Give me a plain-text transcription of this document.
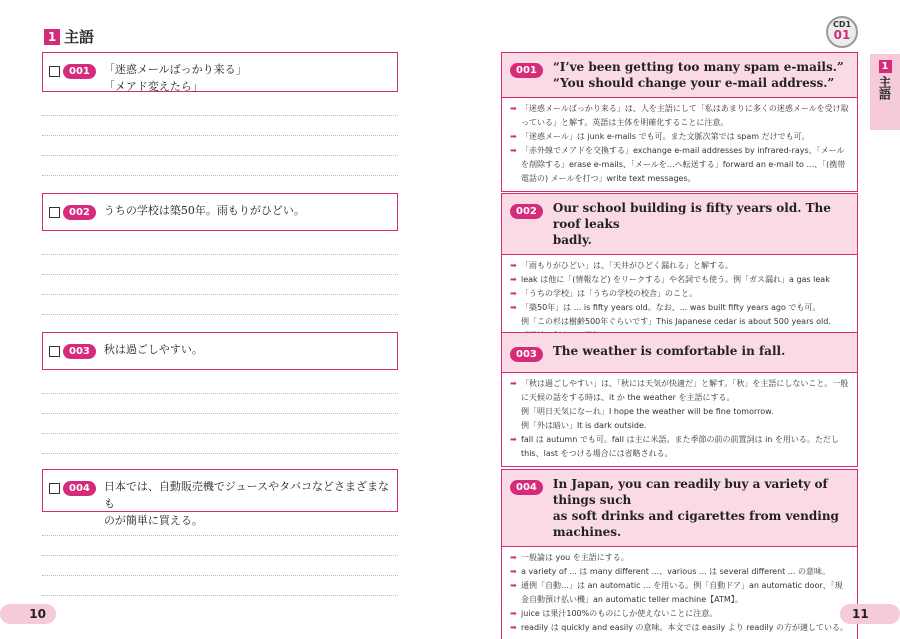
1 主語
CD1
01
1
主語
001	「迷惑メールばっかり来る」
「メアド変えたら」
002	うちの学校は築50年。雨もりがひどい。
003	秋は過ごしやすい。
004	日本では、自動販売機でジュースやタバコなどさまざまなも
のが簡単に買える。
001	“I’ve been getting too many spam e-mails.”
“You should change your e-mail address.”
➡ 「迷惑メールばっかり来る」は、人を主語にして「私はあまりに多くの迷惑メールを受け取っている」と解す。英語は主体を明確化することに注意。
➡ 「迷惑メール」は junk e-mails でも可。また文脈次第では spam だけでも可。
➡ 「赤外線でメアドを交換する」exchange e-mail addresses by infrared-rays、「メールを削除する」erase e-mails、「メールを…へ転送する」forward an e-mail to ...、「(携帯電話の) メールを打つ」write text messages。
002	Our school building is fifty years old. The roof leaks
badly.
➡ 「雨もりがひどい」は、「天井がひどく漏れる」と解する。
➡ leak は他に「(情報など) をリークする」や名詞でも使う。例「ガス漏れ」a gas leak
➡ 「うちの学校」は「うちの学校の校舎」のこと。
➡ 「築50年」は ... is fifty years old。なお、... was built fifty years ago でも可。
例「この杉は樹齢500年ぐらいです」This Japanese cedar is about 500 years old.
003	The weather is comfortable in fall.
➡ 「秋は過ごしやすい」は、「秋には天気が快適だ」と解す。「秋」を主語にしないこと。一般に天候の話をする時は、it か the weather を主語にする。
例「明日天気になーれ」I hope the weather will be fine tomorrow.
例「外は暗い」It is dark outside.
➡ fall は autumn でも可。fall は主に米語。また季節の前の前置詞は in を用いる。ただし this、last をつける場合には省略される。
004	In Japan, you can readily buy a variety of things such
as soft drinks and cigarettes from vending machines.
➡ 一般論は you を主語にする。
➡ a variety of ... は many different ...、various ... は several different ... の意味。
➡ 通例「自動…」は an automatic ... を用いる。例「自動ドア」an automatic door、「現金自動預け払い機」an automatic teller machine【ATM】。
➡ juice は果汁100%のものにしか使えないことに注意。
➡ readily は quickly and easily の意味。本文では easily より readily の方が適している。
10	11
